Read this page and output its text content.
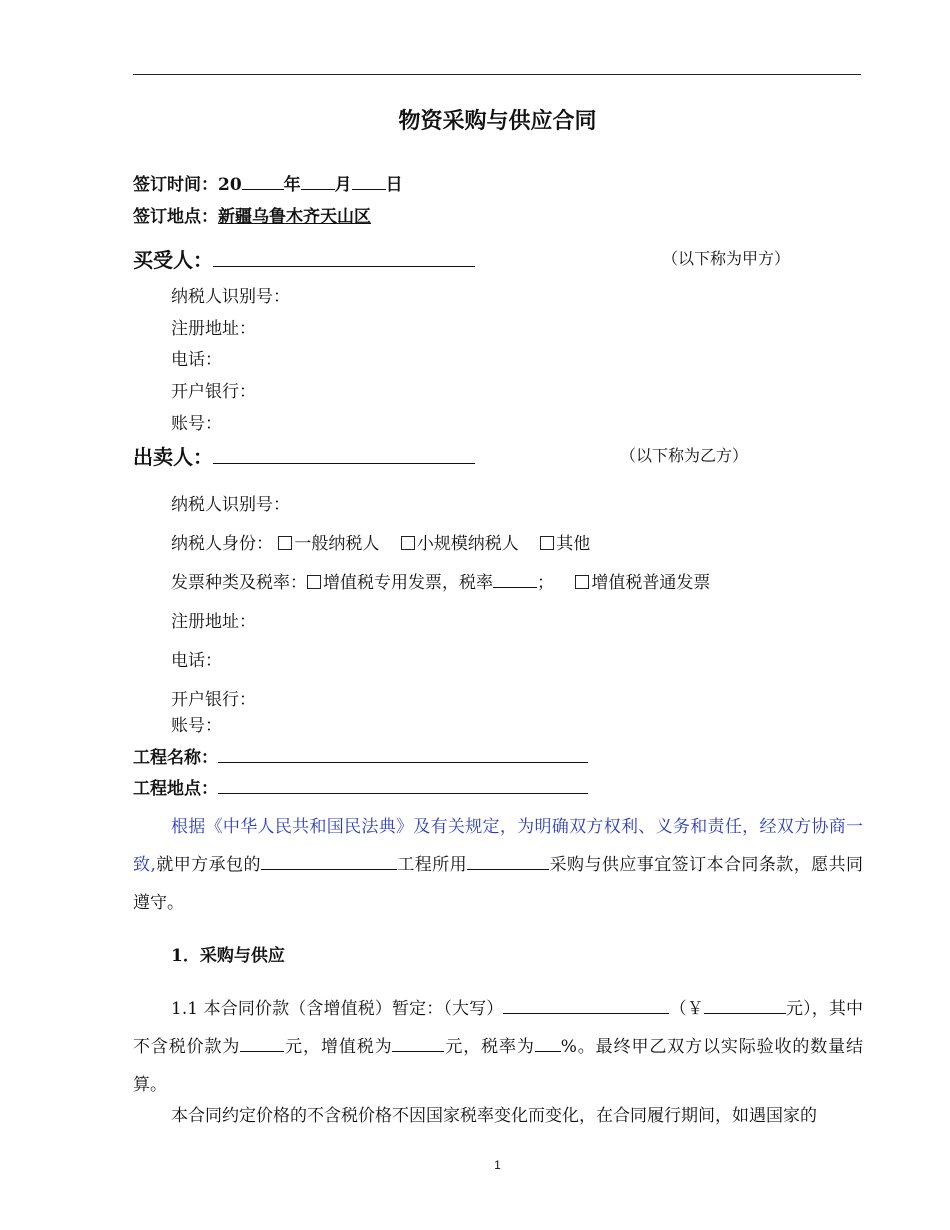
物资采购与供应合同
签订时间：20 年 月 日
签订地点：新疆乌鲁木齐天山区
买受人：	（以下称为甲方）
纳税人识别号：
注册地址：
电话：
开户银行：
账号：
出卖人：	（以下称为乙方）
纳税人识别号：
纳税人身份： 一般纳税人 小规模纳税人 其他
发票种类及税率： 增值税专用发票，税率	； 增值税普通发票
注册地址：
电话：
开户银行：
账号：
工程名称：
工程地点：
根据《中华人民共和国民法典》及有关规定，为明确双方权利、义务和责任，经双方协商一致,就甲方承包的	工程所用	采购与供应事宜签订本合同条款，愿共同遵守。
1．采购与供应
1.1 本合同价款（含增值税）暂定：（大写）	（￥	元），其中不含税价款为	元，增值税为	元，税率为 %。最终甲乙双方以实际验收的数量结算。
本合同约定价格的不含税价格不因国家税率变化而变化，在合同履行期间，如遇国家的
1
